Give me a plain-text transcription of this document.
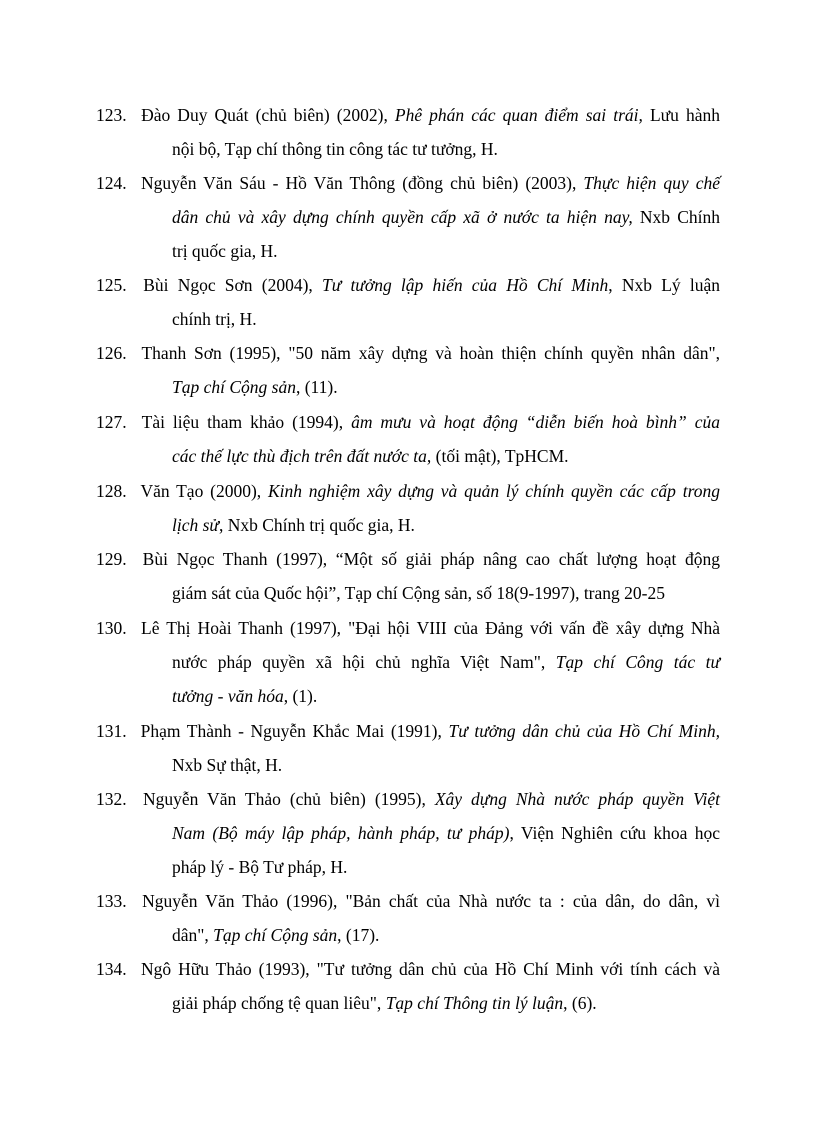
123. Đào Duy Quát (chủ biên) (2002), Phê phán các quan điểm sai trái, Lưu hành
nội bộ, Tạp chí thông tin công tác tư tưởng, H.
124. Nguyễn Văn Sáu - Hồ Văn Thông (đồng chủ biên) (2003), Thực hiện quy chế
dân chủ và xây dựng chính quyền cấp xã ở nước ta hiện nay, Nxb Chính
trị quốc gia, H.
125. Bùi Ngọc Sơn (2004), Tư tưởng lập hiến của Hồ Chí Minh, Nxb Lý luận
chính trị, H.
126. Thanh Sơn (1995), "50 năm xây dựng và hoàn thiện chính quyền nhân dân",
Tạp chí Cộng sản, (11).
127. Tài liệu tham khảo (1994), âm mưu và hoạt động “diễn biến hoà bình” của
các thế lực thù địch trên đất nước ta, (tối mật), TpHCM.
128. Văn Tạo (2000), Kinh nghiệm xây dựng và quản lý chính quyền các cấp trong
lịch sử, Nxb Chính trị quốc gia, H.
129. Bùi Ngọc Thanh (1997), “Một số giải pháp nâng cao chất lượng hoạt động
giám sát của Quốc hội”, Tạp chí Cộng sản, số 18(9-1997), trang 20-25
130. Lê Thị Hoài Thanh (1997), "Đại hội VIII của Đảng với vấn đề xây dựng Nhà
nước pháp quyền xã hội chủ nghĩa Việt Nam", Tạp chí Công tác tư
tưởng - văn hóa, (1).
131. Phạm Thành - Nguyễn Khắc Mai (1991), Tư tưởng dân chủ của Hồ Chí Minh,
Nxb Sự thật, H.
132. Nguyễn Văn Thảo (chủ biên) (1995), Xây dựng Nhà nước pháp quyền Việt
Nam (Bộ máy lập pháp, hành pháp, tư pháp), Viện Nghiên cứu khoa học
pháp lý - Bộ Tư pháp, H.
133. Nguyễn Văn Thảo (1996), "Bản chất của Nhà nước ta : của dân, do dân, vì
dân", Tạp chí Cộng sản, (17).
134. Ngô Hữu Thảo (1993), "Tư tưởng dân chủ của Hồ Chí Minh với tính cách và
giải pháp chống tệ quan liêu", Tạp chí Thông tin lý luận, (6).
